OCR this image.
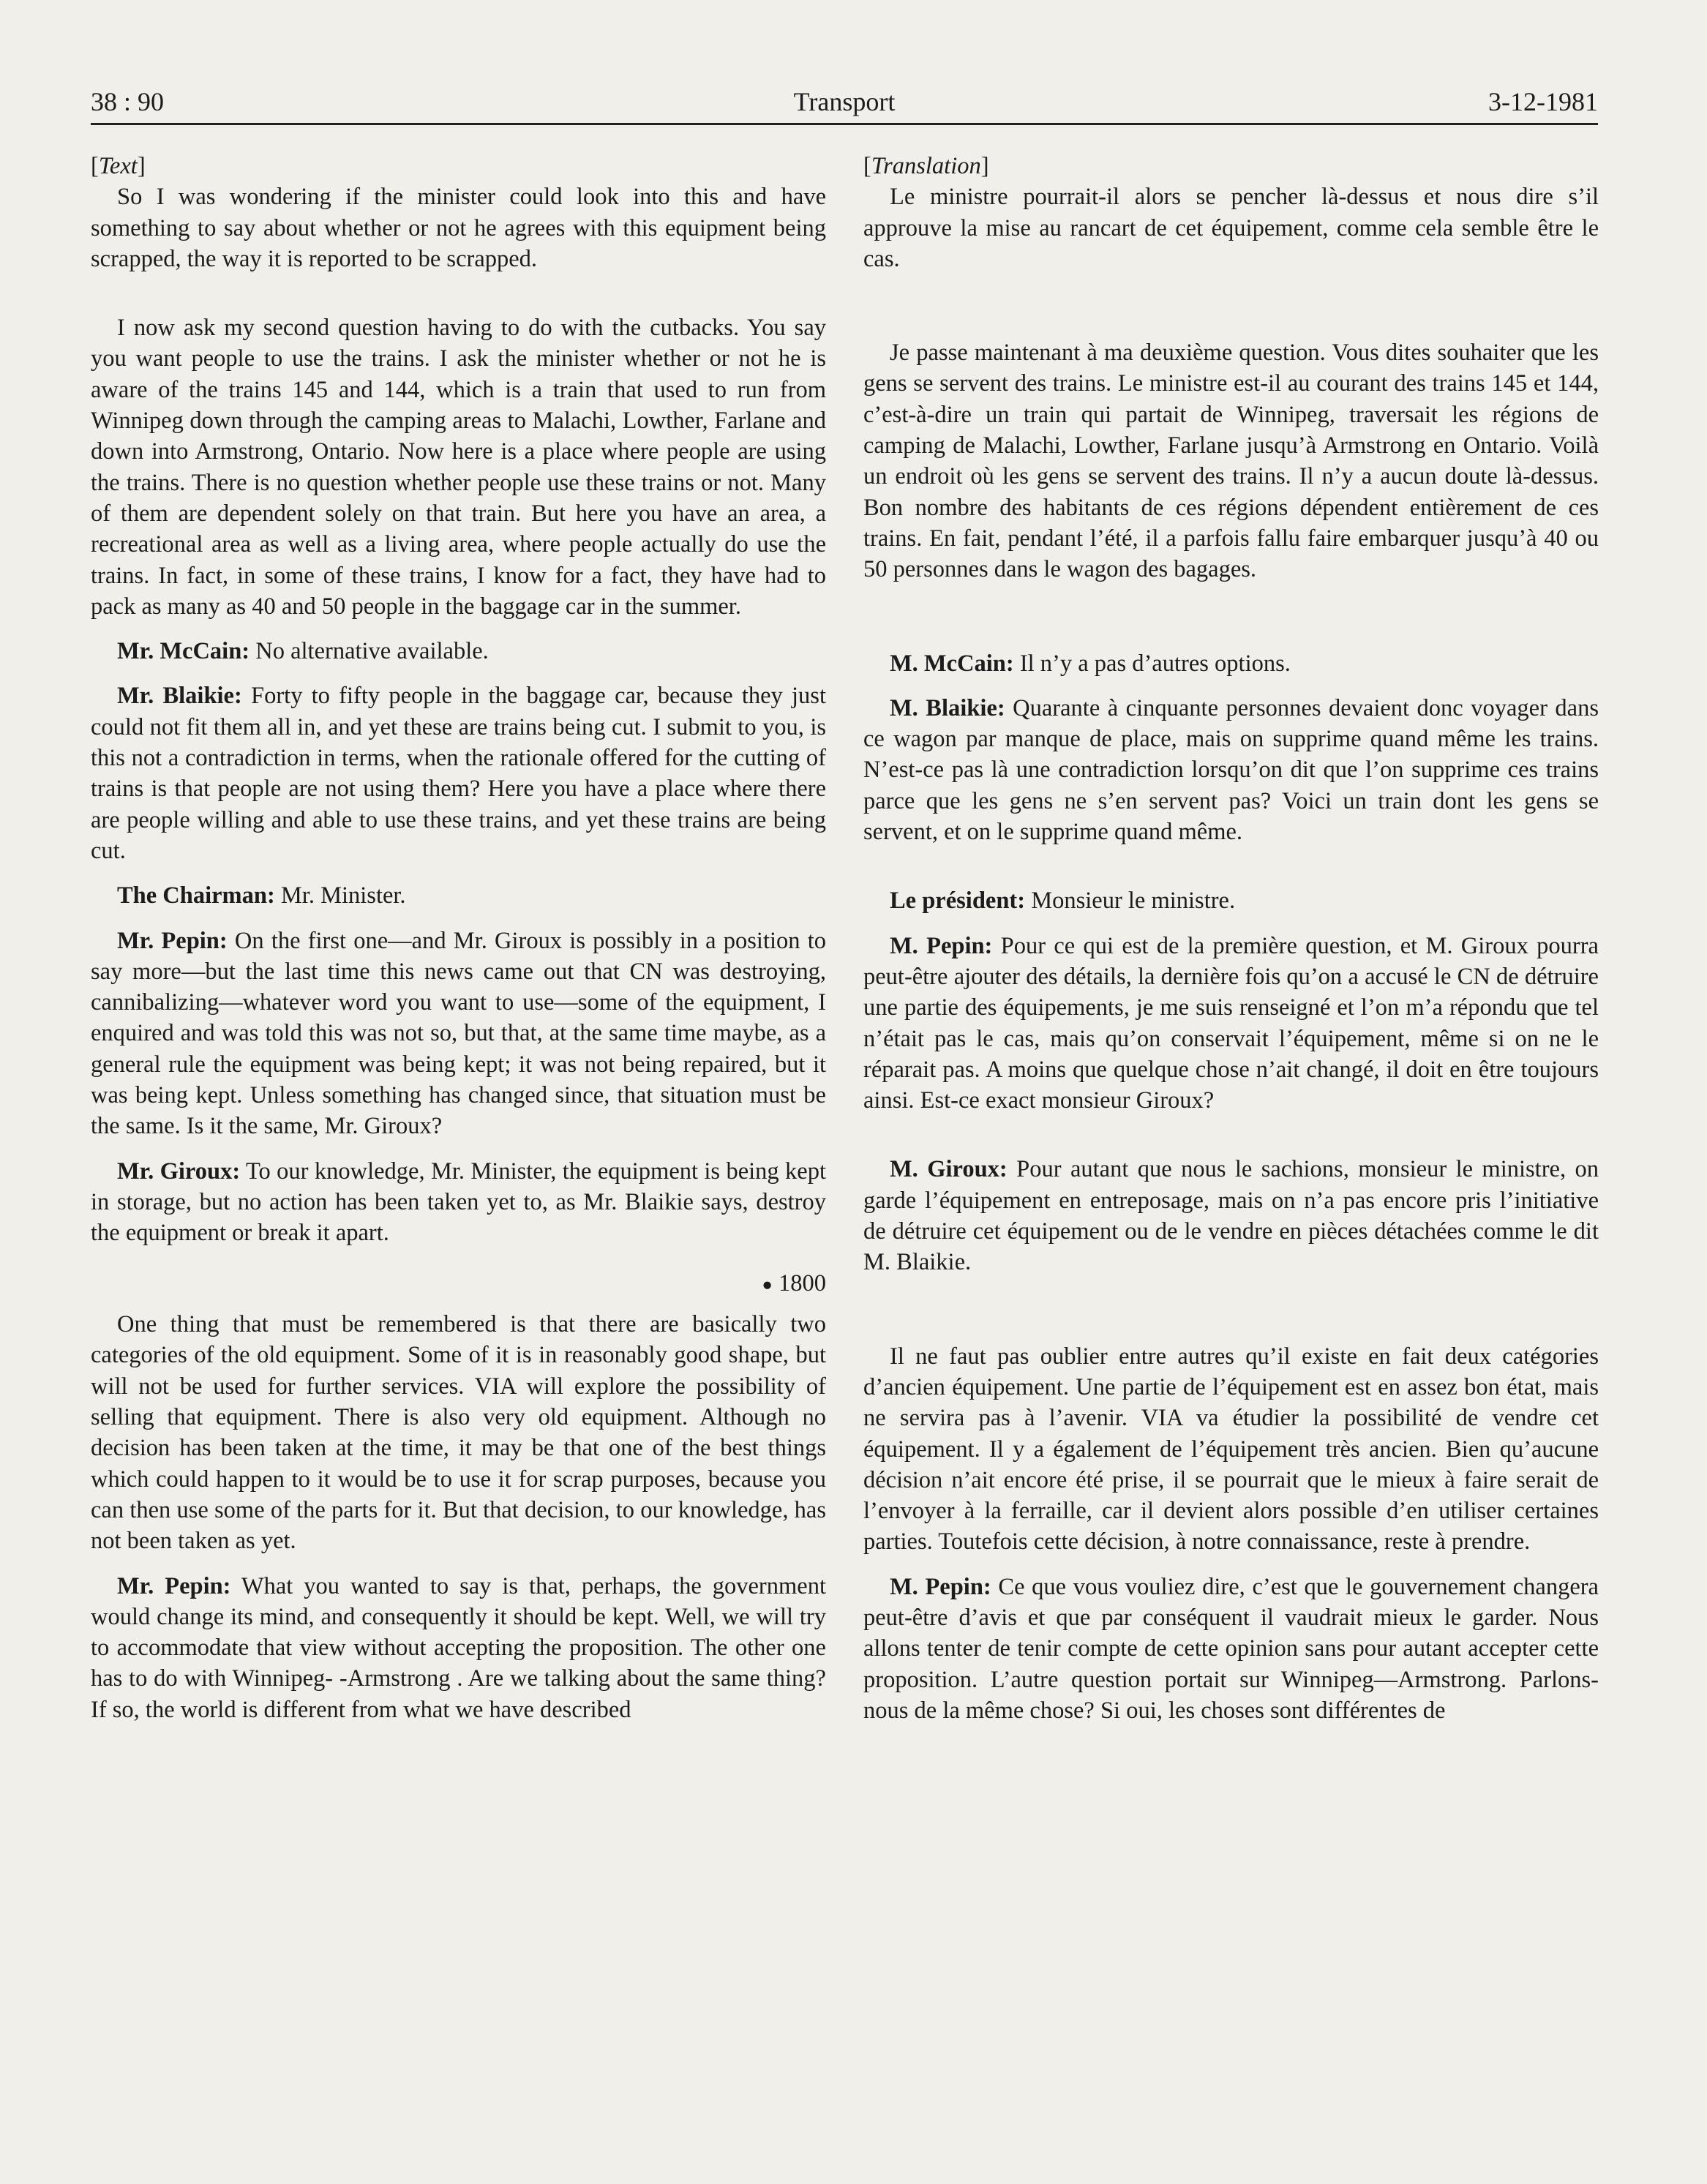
38 : 90	Transport	3-12-1981

[Text]

So I was wondering if the minister could look into this and have something to say about whether or not he agrees with this equipment being scrapped, the way it is reported to be scrapped.

I now ask my second question having to do with the cutbacks. You say you want people to use the trains. I ask the minister whether or not he is aware of the trains 145 and 144, which is a train that used to run from Winnipeg down through the camping areas to Malachi, Lowther, Farlane and down into Armstrong, Ontario. Now here is a place where people are using the trains. There is no question whether people use these trains or not. Many of them are dependent solely on that train. But here you have an area, a recreational area as well as a living area, where people actually do use the trains. In fact, in some of these trains, I know for a fact, they have had to pack as many as 40 and 50 people in the baggage car in the summer.

Mr. McCain: No alternative available.

Mr. Blaikie: Forty to fifty people in the baggage car, because they just could not fit them all in, and yet these are trains being cut. I submit to you, is this not a contradiction in terms, when the rationale offered for the cutting of trains is that people are not using them? Here you have a place where there are people willing and able to use these trains, and yet these trains are being cut.

The Chairman: Mr. Minister.

Mr. Pepin: On the first one—and Mr. Giroux is possibly in a position to say more—but the last time this news came out that CN was destroying, cannibalizing—whatever word you want to use—some of the equipment, I enquired and was told this was not so, but that, at the same time maybe, as a general rule the equipment was being kept; it was not being repaired, but it was being kept. Unless something has changed since, that situation must be the same. Is it the same, Mr. Giroux?

Mr. Giroux: To our knowledge, Mr. Minister, the equipment is being kept in storage, but no action has been taken yet to, as Mr. Blaikie says, destroy the equipment or break it apart.

● 1800

One thing that must be remembered is that there are basically two categories of the old equipment. Some of it is in reasonably good shape, but will not be used for further services. VIA will explore the possibility of selling that equipment. There is also very old equipment. Although no decision has been taken at the time, it may be that one of the best things which could happen to it would be to use it for scrap purposes, because you can then use some of the parts for it. But that decision, to our knowledge, has not been taken as yet.

Mr. Pepin: What you wanted to say is that, perhaps, the government would change its mind, and consequently it should be kept. Well, we will try to accommodate that view without accepting the proposition. The other one has to do with Winnipeg- -Armstrong . Are we talking about the same thing? If so, the world is different from what we have described

[Translation]

Le ministre pourrait-il alors se pencher là-dessus et nous dire s’il approuve la mise au rancart de cet équipement, comme cela semble être le cas.

Je passe maintenant à ma deuxième question. Vous dites souhaiter que les gens se servent des trains. Le ministre est-il au courant des trains 145 et 144, c’est-à-dire un train qui partait de Winnipeg, traversait les régions de camping de Malachi, Lowther, Farlane jusqu’à Armstrong en Ontario. Voilà un endroit où les gens se servent des trains. Il n’y a aucun doute là-dessus. Bon nombre des habitants de ces régions dépendent entièrement de ces trains. En fait, pendant l’été, il a parfois fallu faire embarquer jusqu’à 40 ou 50 personnes dans le wagon des bagages.

M. McCain: Il n’y a pas d’autres options.

M. Blaikie: Quarante à cinquante personnes devaient donc voyager dans ce wagon par manque de place, mais on supprime quand même les trains. N’est-ce pas là une contradiction lorsqu’on dit que l’on supprime ces trains parce que les gens ne s’en servent pas? Voici un train dont les gens se servent, et on le supprime quand même.

Le président: Monsieur le ministre.

M. Pepin: Pour ce qui est de la première question, et M. Giroux pourra peut-être ajouter des détails, la dernière fois qu’on a accusé le CN de détruire une partie des équipements, je me suis renseigné et l’on m’a répondu que tel n’était pas le cas, mais qu’on conservait l’équipement, même si on ne le réparait pas. A moins que quelque chose n’ait changé, il doit en être toujours ainsi. Est-ce exact monsieur Giroux?

M. Giroux: Pour autant que nous le sachions, monsieur le ministre, on garde l’équipement en entreposage, mais on n’a pas encore pris l’initiative de détruire cet équipement ou de le vendre en pièces détachées comme le dit M. Blaikie.

Il ne faut pas oublier entre autres qu’il existe en fait deux catégories d’ancien équipement. Une partie de l’équipement est en assez bon état, mais ne servira pas à l’avenir. VIA va étudier la possibilité de vendre cet équipement. Il y a également de l’équipement très ancien. Bien qu’aucune décision n’ait encore été prise, il se pourrait que le mieux à faire serait de l’envoyer à la ferraille, car il devient alors possible d’en utiliser certaines parties. Toutefois cette décision, à notre connaissance, reste à prendre.

M. Pepin: Ce que vous vouliez dire, c’est que le gouvernement changera peut-être d’avis et que par conséquent il vaudrait mieux le garder. Nous allons tenter de tenir compte de cette opinion sans pour autant accepter cette proposition. L’autre question portait sur Winnipeg—Armstrong. Parlons-nous de la même chose? Si oui, les choses sont différentes de
